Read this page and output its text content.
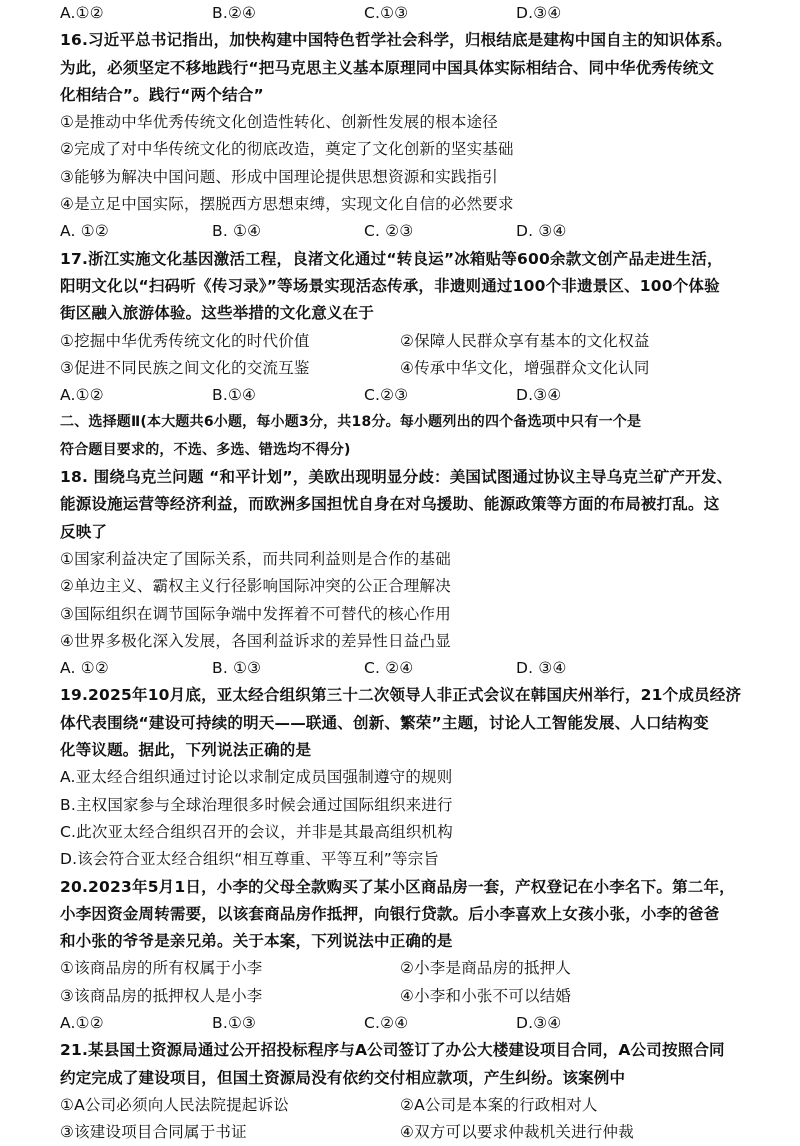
A.①②	B.②④	C.①③	D.③④
16.习近平总书记指出，加快构建中国特色哲学社会科学，归根结底是建构中国自主的知识体系。
为此，必须坚定不移地践行“把马克思主义基本原理同中国具体实际相结合、同中华优秀传统文
化相结合”。践行“两个结合”
①是推动中华优秀传统文化创造性转化、创新性发展的根本途径
②完成了对中华传统文化的彻底改造，奠定了文化创新的坚实基础
③能够为解决中国问题、形成中国理论提供思想资源和实践指引
④是立足中国实际，摆脱西方思想束缚，实现文化自信的必然要求
A. ①②	B. ①④	C. ②③	D. ③④
17.浙江实施文化基因激活工程，良渚文化通过“转良运”冰箱贴等600余款文创产品走进生活，
阳明文化以“扫码听《传习录》”等场景实现活态传承，非遗则通过100个非遗景区、100个体验
街区融入旅游体验。这些举措的文化意义在于
①挖掘中华优秀传统文化的时代价值	②保障人民群众享有基本的文化权益
③促进不同民族之间文化的交流互鉴	④传承中华文化，增强群众文化认同
A.①②	B.①④	C.②③	D.③④
二、选择题Ⅱ(本大题共6小题，每小题3分，共18分。每小题列出的四个备选项中只有一个是
符合题目要求的，不选、多选、错选均不得分)
18. 围绕乌克兰问题 “和平计划”，美欧出现明显分歧：美国试图通过协议主导乌克兰矿产开发、
能源设施运营等经济利益，而欧洲多国担忧自身在对乌援助、能源政策等方面的布局被打乱。这
反映了
①国家利益决定了国际关系，而共同利益则是合作的基础
②单边主义、霸权主义行径影响国际冲突的公正合理解决
③国际组织在调节国际争端中发挥着不可替代的核心作用
④世界多极化深入发展，各国利益诉求的差异性日益凸显
A. ①②	B. ①③	C. ②④	D. ③④
19.2025年10月底，亚太经合组织第三十二次领导人非正式会议在韩国庆州举行，21个成员经济
体代表围绕“建设可持续的明天——联通、创新、繁荣”主题，讨论人工智能发展、人口结构变
化等议题。据此，下列说法正确的是
A.亚太经合组织通过讨论以求制定成员国强制遵守的规则
B.主权国家参与全球治理很多时候会通过国际组织来进行
C.此次亚太经合组织召开的会议，并非是其最高组织机构
D.该会符合亚太经合组织“相互尊重、平等互利”等宗旨
20.2023年5月1日，小李的父母全款购买了某小区商品房一套，产权登记在小李名下。第二年，
小李因资金周转需要，以该套商品房作抵押，向银行贷款。后小李喜欢上女孩小张，小李的爸爸
和小张的爷爷是亲兄弟。关于本案，下列说法中正确的是
①该商品房的所有权属于小李	②小李是商品房的抵押人
③该商品房的抵押权人是小李	④小李和小张不可以结婚
A.①②	B.①③	C.②④	D.③④
21.某县国土资源局通过公开招投标程序与A公司签订了办公大楼建设项目合同，A公司按照合同
约定完成了建设项目，但国土资源局没有依约交付相应款项，产生纠纷。该案例中
①A公司必须向人民法院提起诉讼	②A公司是本案的行政相对人
③该建设项目合同属于书证	④双方可以要求仲裁机关进行仲裁
